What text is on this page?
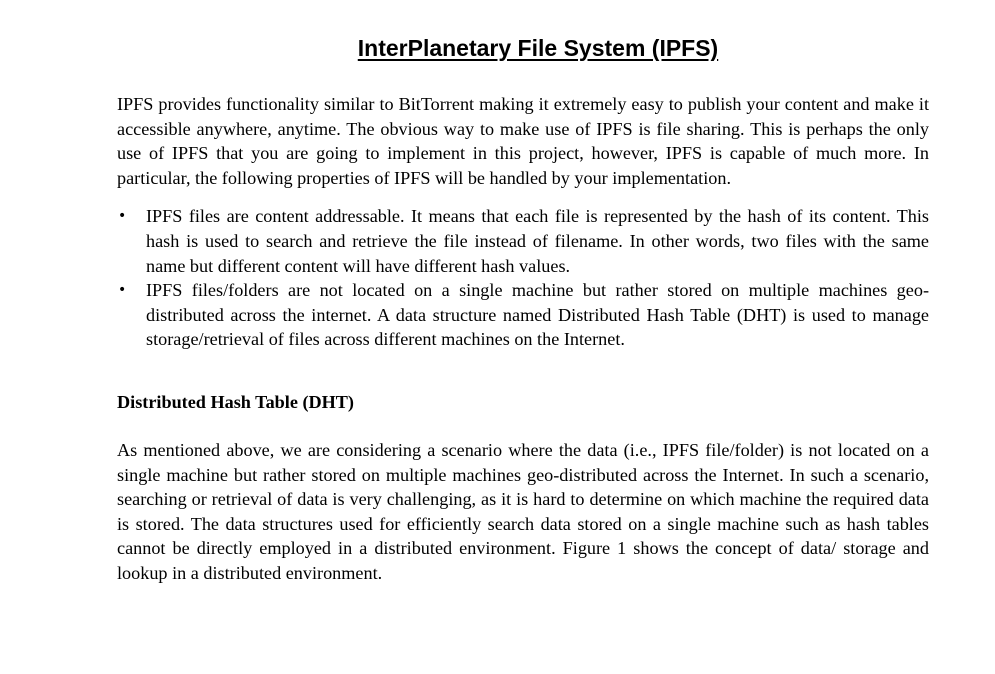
InterPlanetary File System (IPFS)

IPFS provides functionality similar to BitTorrent making it extremely easy to publish your content and make it accessible anywhere, anytime. The obvious way to make use of IPFS is file sharing. This is perhaps the only use of IPFS that you are going to implement in this project, however, IPFS is capable of much more. In particular, the following properties of IPFS will be handled by your implementation.

• IPFS files are content addressable. It means that each file is represented by the hash of its content. This hash is used to search and retrieve the file instead of filename. In other words, two files with the same name but different content will have different hash values.
• IPFS files/folders are not located on a single machine but rather stored on multiple machines geo-distributed across the internet. A data structure named Distributed Hash Table (DHT) is used to manage storage/retrieval of files across different machines on the Internet.
Distributed Hash Table (DHT)

As mentioned above, we are considering a scenario where the data (i.e., IPFS file/folder) is not located on a single machine but rather stored on multiple machines geo-distributed across the Internet. In such a scenario, searching or retrieval of data is very challenging, as it is hard to determine on which machine the required data is stored. The data structures used for efficiently search data stored on a single machine such as hash tables cannot be directly employed in a distributed environment. Figure 1 shows the concept of data/ storage and lookup in a distributed environment.
